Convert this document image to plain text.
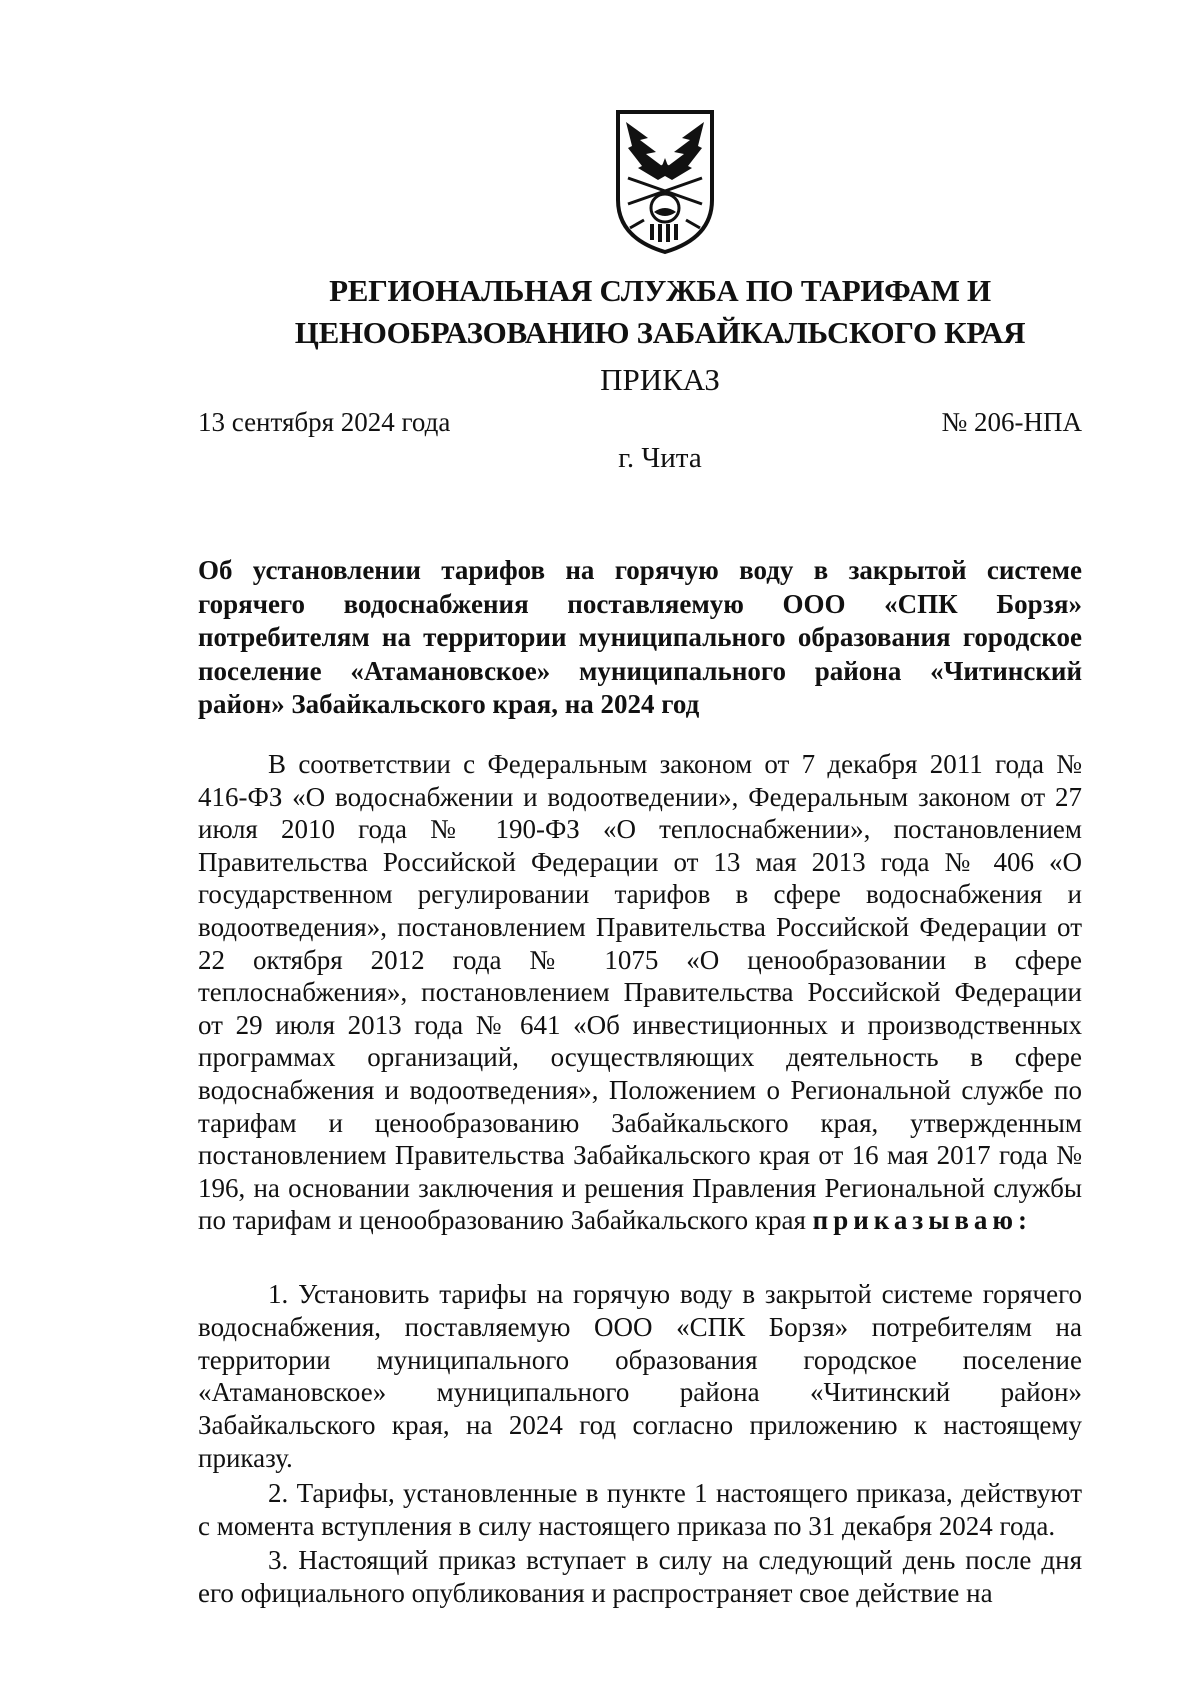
РЕГИОНАЛЬНАЯ СЛУЖБА ПО ТАРИФАМ И
ЦЕНООБРАЗОВАНИЮ ЗАБАЙКАЛЬСКОГО КРАЯ
ПРИКАЗ
13 сентября 2024 года	№ 206-НПА
г. Чита
Об установлении тарифов на горячую воду в закрытой системе горячего водоснабжения поставляемую ООО «СПК Борзя» потребителям на территории муниципального образования городское поселение «Атамановское» муниципального района «Читинский район» Забайкальского края, на 2024 год
В соответствии с Федеральным законом от 7 декабря 2011 года № 416-ФЗ «О водоснабжении и водоотведении», Федеральным законом от 27 июля 2010 года № 190-ФЗ «О теплоснабжении», постановлением Правительства Российской Федерации от 13 мая 2013 года № 406 «О государственном регулировании тарифов в сфере водоснабжения и водоотведения», постановлением Правительства Российской Федерации от 22 октября 2012 года № 1075 «О ценообразовании в сфере теплоснабжения», постановлением Правительства Российской Федерации от 29 июля 2013 года № 641 «Об инвестиционных и производственных программах организаций, осуществляющих деятельность в сфере водоснабжения и водоотведения», Положением о Региональной службе по тарифам и ценообразованию Забайкальского края, утвержденным постановлением Правительства Забайкальского края от 16 мая 2017 года № 196, на основании заключения и решения Правления Региональной службы по тарифам и ценообразованию Забайкальского края приказываю:
1. Установить тарифы на горячую воду в закрытой системе горячего водоснабжения, поставляемую ООО «СПК Борзя» потребителям на территории муниципального образования городское поселение «Атамановское» муниципального района «Читинский район» Забайкальского края, на 2024 год согласно приложению к настоящему приказу.
2. Тарифы, установленные в пункте 1 настоящего приказа, действуют с момента вступления в силу настоящего приказа по 31 декабря 2024 года.
3. Настоящий приказ вступает в силу на следующий день после дня его официального опубликования и распространяет свое действие на
